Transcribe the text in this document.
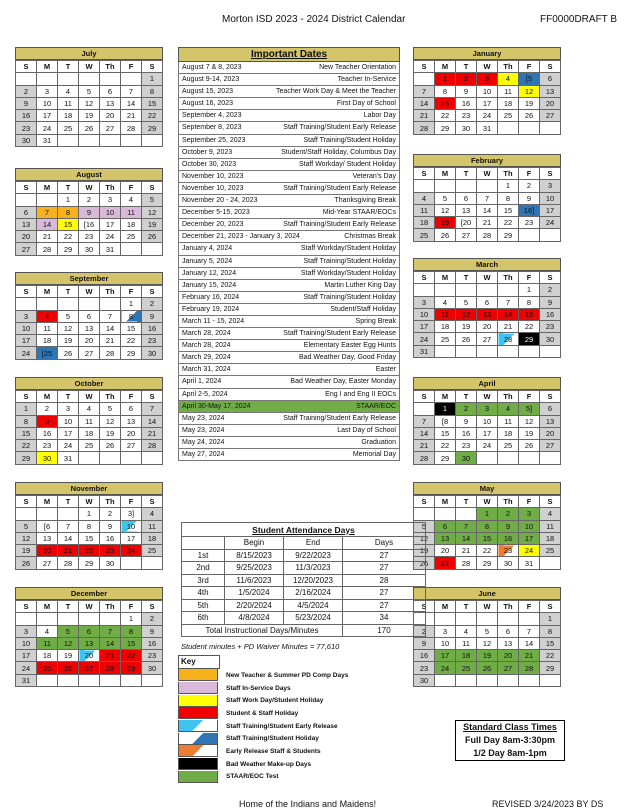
Morton ISD 2023 - 2024 District Calendar	FF0000DRAFT B
July
S	M	T	W	Th	F	S
						1
2	3	4	5	6	7	8
9	10	11	12	13	14	15
16	17	18	19	20	21	22
23	24	25	26	27	28	29
30	31					
August
S	M	T	W	Th	F	S
		1	2	3	4	5
6	7	8	9	10	11	12
13	14	15	[16	17	18	19
20	21	22	23	24	25	26
27	28	29	30	31		
September
S	M	T	W	Th	F	S
					1	2
3	4	5	6	7	8	9
10	11	12	13	14	15	16
17	18	19	20	21	22	23
24	[25	26	27	28	29	30
October
S	M	T	W	Th	F	S
1	2	3	4	5	6	7
8	9	10	11	12	13	14
15	16	17	18	19	20	21
22	23	24	25	26	27	28
29	30	31				
November
S	M	T	W	Th	F	S
			1	2	3]	4
5	[6	7	8	9	10	11
12	13	14	15	16	17	18
19	20	21	22	23	24	25
26	27	28	29	30		
December
S	M	T	W	Th	F	S
					1	2
3	4	5	6	7	8	9
10	11	12	13	14	15	16
17	18	19	20	21	22	23
24	25	26	27	28	29	30
31						
January
S	M	T	W	Th	F	S
	1	2	3	4	[5	6
7	8	9	10	11	12	13
14	15	16	17	18	19	20
21	22	23	24	25	26	27
28	29	30	31			
February
S	M	T	W	Th	F	S
				1	2	3
4	5	6	7	8	9	10
11	12	13	14	15	16]	17
18	19	[20	21	22	23	24
25	26	27	28	29		
March
S	M	T	W	Th	F	S
					1	2
3	4	5	6	7	8	9
10	11	12	13	14	15	16
17	18	19	20	21	22	23
24	25	26	27	28	29	30
31						
April
S	M	T	W	Th	F	S
	1	2	3	4	5]	6
7	[8	9	10	11	12	13
14	15	16	17	18	19	20
21	22	23	24	25	26	27
28	29	30				
May
S	M	T	W	Th	F	S
			1	2	3	4
5	6	7	8	9	10	11
12	13	14	15	16	17	18
19	20	21	22	23	24	25
26	27	28	29	30	31	
June
S	M	T	W	Th	F	S
						1
2	3	4	5	6	7	8
9	10	11	12	13	14	15
16	17	18	19	20	21	22
23	24	25	26	27	28	29
30						
Important Dates
August 7 & 8, 2023	New Teacher Orientation
August 9-14, 2023	Teacher In-Service
August 15, 2023	Teacher Work Day & Meet the Teacher
August 16, 2023	First Day of School
September 4, 2023	Labor Day
September 8, 2023	Staff Training/Student Early Release
September 25, 2023	Staff Training/Student Holiday
October 9, 2023	Student/Staff Holiday, Columbus Day
October 30, 2023	Staff Workday/ Student Holiday
November 10, 2023	Veteran's Day
November 10, 2023	Staff Training/Student Early Release
November 20 - 24, 2023	Thanksgiving Break
December 5-15, 2023	Mid-Year STAAR/EOCs
December 20, 2023	Staff Training/Student Early Release
December 21, 2023 - January 3, 2024	Christmas Break
January 4, 2024	Staff Workday/Student Holiday
January 5, 2024	Staff Training/Student Holiday
January 12, 2024	Staff Workday/Student Holiday
January 15, 2024	Martin Luther King Day
February 16, 2024	Staff Training/Student Holiday
February 19, 2024	Student/Staff Holiday
March 11 - 15, 2024	Spring Break
March 28, 2024	Staff Training/Student Early Release
March 28, 2024	Elementary Easter Egg Hunts
March 29, 2024	Bad Weather Day, Good Friday
March 31, 2024	Easter
April 1, 2024	Bad Weather Day, Easter Monday
April 2-5, 2024	Eng I and Eng II EOCs
April 30-May 17, 2024	STAAR/EOC
May 23, 2024	Staff Training/Student Early Release
May 23, 2024	Last Day of School
May 24, 2024	Graduation
May 27, 2024	Memorial Day
Student Attendance Days			
	Begin	End	Days
1st	8/15/2023	9/22/2023	27
2nd	9/25/2023	11/3/2023	27
3rd	11/6/2023	12/20/2023	28
4th	1/5/2024	2/16/2024	27
5th	2/20/2024	4/5/2024	27
6th	4/8/2024	5/23/2024	34
Total Instructional Days/Minutes			170
Student minutes + PD Waiver Minutes = 77,610
Key
New Teacher & Summer PD Comp Days
Staff In-Service Days
Staff Work Day/Student Holiday
Student & Staff Holiday
Staff Training/Student Early Release
Staff Training/Student Holiday
Early Release Staff & Students
Bad Weather Make-up Days
STAAR/EOC Test
Standard Class Times
Full Day 8am-3:30pm
1/2 Day 8am-1pm
Home of the Indians and Maidens!	REVISED 3/24/2023 BY DS
